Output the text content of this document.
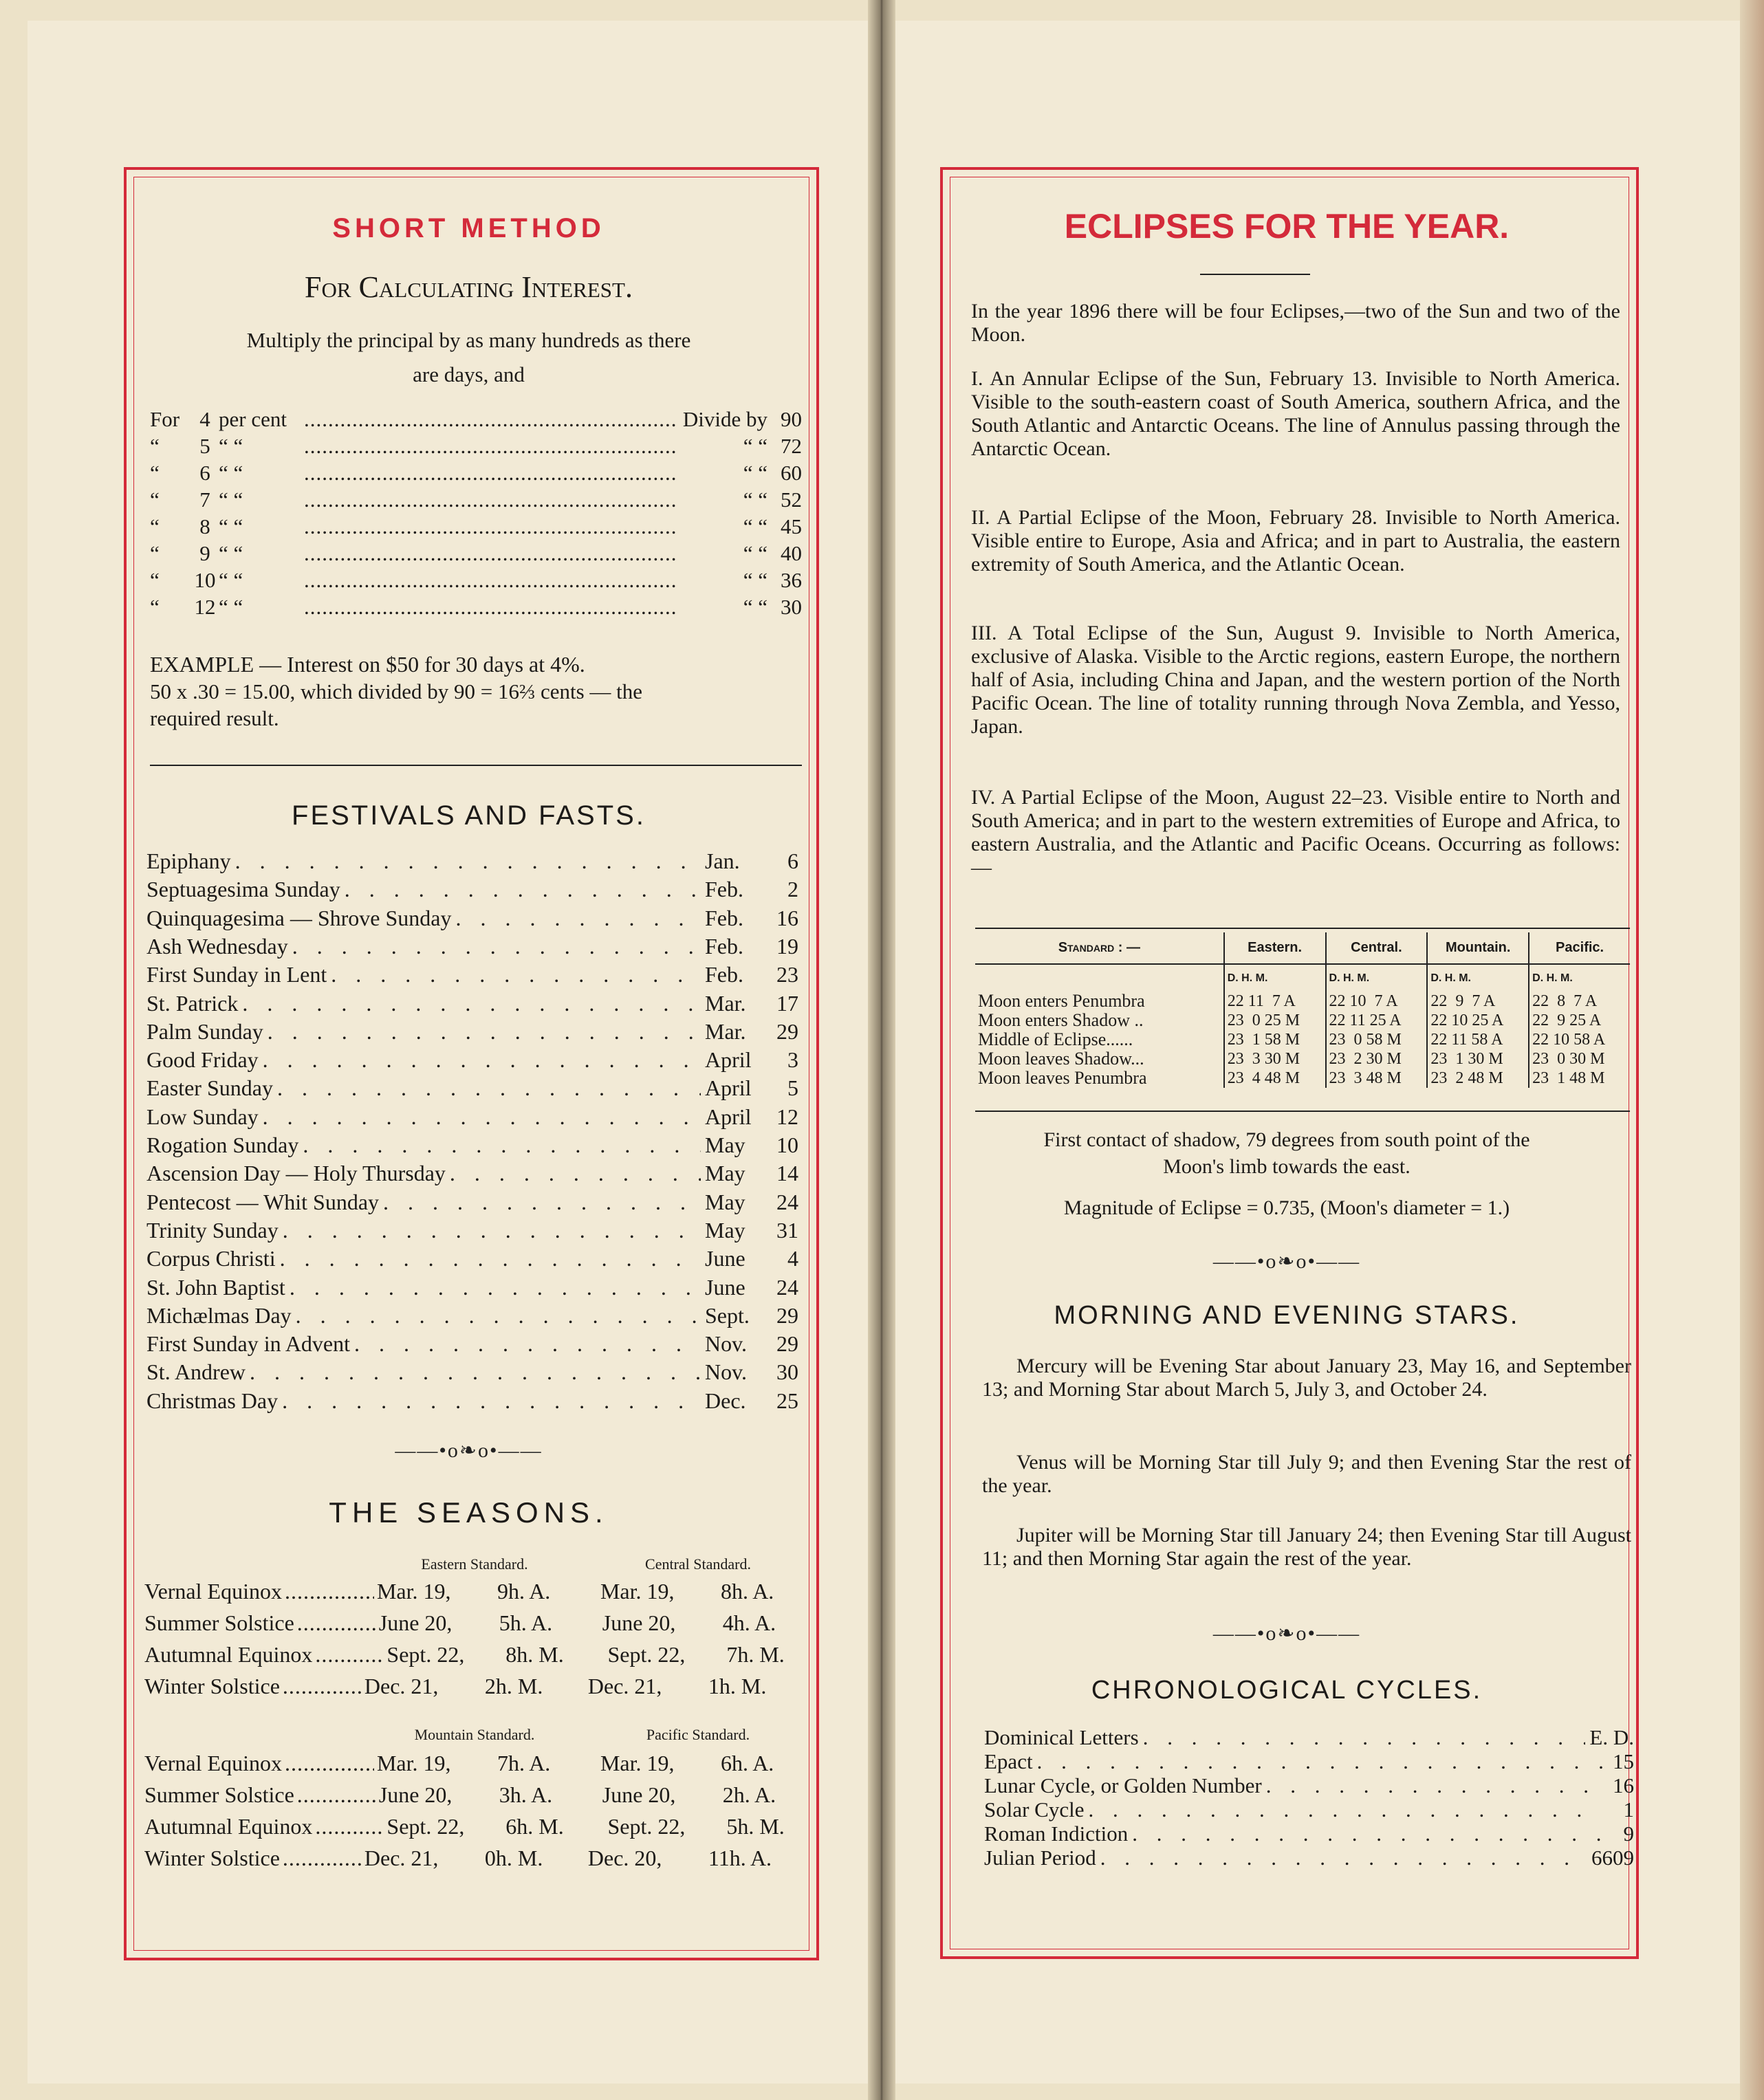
SHORT METHOD
For Calculating Interest.
Multiply the principal by as many hundreds as there
are days, and
For 4 per cent .....	Divide by 90
“	5 “ “ .....	“ “ 72
“	6 “ “ .....	“ “ 60
“	7 “ “ .....	“ “ 52
“	8 “ “ .....	“ “ 45
“	9 “ “ .....	“ “ 40
“	10 “ “ .....	“ “ 36
“	12 “ “ .....	“ “ 30
EXAMPLE — Interest on $50 for 30 days at 4%.
50 x .30 = 15.00, which divided by 90 = 16⅔ cents — the
required result.
FESTIVALS AND FASTS.
Epiphany . . .	Jan.	6
Septuagesima Sunday . . .	Feb.	2
Quinquagesima — Shrove Sunday . . .	Feb.	16
Ash Wednesday . . .	Feb.	19
First Sunday in Lent . . .	Feb.	23
St. Patrick . . .	Mar.	17
Palm Sunday . . .	Mar.	29
Good Friday . . .	April	3
Easter Sunday . . .	April	5
Low Sunday . . .	April	12
Rogation Sunday . . .	May	10
Ascension Day — Holy Thursday . . .	May	14
Pentecost — Whit Sunday . . .	May	24
Trinity Sunday . . .	May	31
Corpus Christi . . .	June	4
St. John Baptist . . .	June	24
Michælmas Day . . .	Sept.	29
First Sunday in Advent . . .	Nov.	29
St. Andrew . . .	Nov.	30
Christmas Day . . .	Dec.	25
——•o❧o•——
THE SEASONS.
Eastern Standard.	Central Standard.
Vernal Equinox .....	Mar. 19,	9h. A.	Mar. 19,	8h. A.
Summer Solstice .....	June 20,	5h. A.	June 20,	4h. A.
Autumnal Equinox .....	Sept. 22,	8h. M.	Sept. 22,	7h. M.
Winter Solstice .....	Dec. 21,	2h. M.	Dec. 21,	1h. M.
Mountain Standard.	Pacific Standard.
Vernal Equinox .....	Mar. 19,	7h. A.	Mar. 19,	6h. A.
Summer Solstice .....	June 20,	3h. A.	June 20,	2h. A.
Autumnal Equinox .....	Sept. 22,	6h. M.	Sept. 22,	5h. M.
Winter Solstice .....	Dec. 21,	0h. M.	Dec. 20,	11h. A.
ECLIPSES FOR THE YEAR.
In the year 1896 there will be four Eclipses,—two of the Sun and two of the Moon.
I. An Annular Eclipse of the Sun, February 13. Invisible to North America. Visible to the south-eastern coast of South America, southern Africa, and the South Atlantic and Antarctic Oceans. The line of Annulus passing through the Antarctic Ocean.
II. A Partial Eclipse of the Moon, February 28. Invisible to North America. Visible entire to Europe, Asia and Africa; and in part to Australia, the eastern extremity of South America, and the Atlantic Ocean.
III. A Total Eclipse of the Sun, August 9. Invisible to North America, exclusive of Alaska. Visible to the Arctic regions, eastern Europe, the northern half of Asia, including China and Japan, and the western portion of the North Pacific Ocean. The line of totality running through Nova Zembla, and Yesso, Japan.
IV. A Partial Eclipse of the Moon, August 22–23. Visible entire to North and South America; and in part to the western extremities of Europe and Africa, to eastern Australia, and the Atlantic and Pacific Oceans. Occurring as follows:—
Standard : —	Eastern.	Central.	Mountain.	Pacific.
	D. H. M.	D. H. M.	D. H. M.	D. H. M.
Moon enters Penumbra	22 11  7 A	22 10  7 A	22  9  7 A	22  8  7 A
Moon enters Shadow ..	23  0 25 M	22 11 25 A	22 10 25 A	22  9 25 A
Middle of Eclipse......	23  1 58 M	23  0 58 M	22 11 58 A	22 10 58 A
Moon leaves Shadow...	23  3 30 M	23  2 30 M	23  1 30 M	23  0 30 M
Moon leaves Penumbra	23  4 48 M	23  3 48 M	23  2 48 M	23  1 48 M
First contact of shadow, 79 degrees from south point of the
Moon's limb towards the east.
Magnitude of Eclipse = 0.735, (Moon's diameter = 1.)
——•o❧o•——
MORNING AND EVENING STARS.
Mercury will be Evening Star about January 23, May 16, and September 13; and Morning Star about March 5, July 3, and October 24.
Venus will be Morning Star till July 9; and then Evening Star the rest of the year.
Jupiter will be Morning Star till January 24; then Evening Star till August 11; and then Morning Star again the rest of the year.
——•o❧o•——
CHRONOLOGICAL CYCLES.
Dominical Letters . . .	E. D.
Epact . . .	15
Lunar Cycle, or Golden Number . . .	16
Solar Cycle . . .	1
Roman Indiction . . .	9
Julian Period . . .	6609
